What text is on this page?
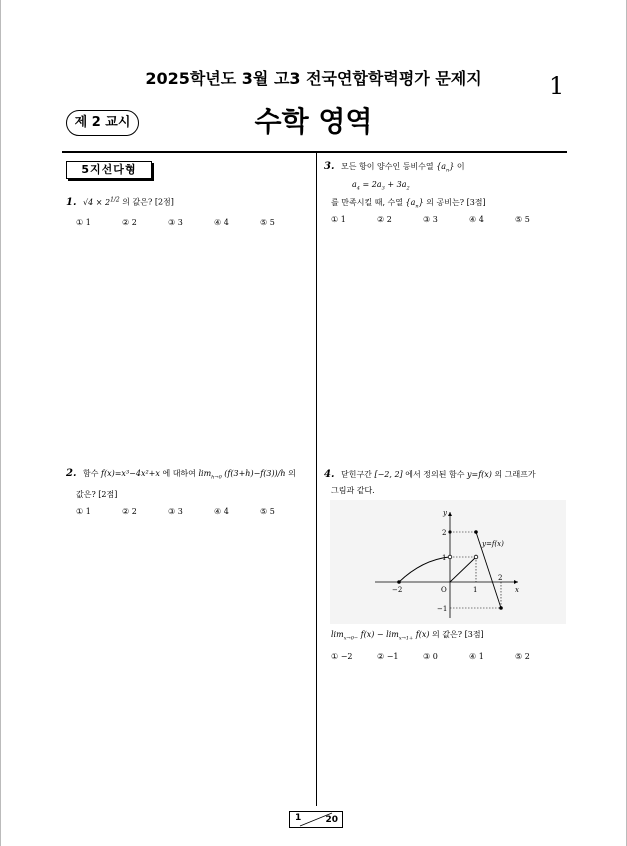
2025학년도 3월 고3 전국연합학력평가 문제지	1
제 2 교시	수학 영역
5지선다형
1. $√4 \times 2^{1/2}$ 의 값은? [2점]
① 1	② 2	③ 3	④ 4	⑤ 5
2. 함수 f(x)=x³−4x²+x 에 대하여 $\lim_{h\to 0} (f(3+h)-f(3))/h$ 의
값은? [2점]
① 1	② 2	③ 3	④ 4	⑤ 5
3. 모든 항이 양수인 등비수열 $\{a_n\}$ 이
$a_4 = 2a_3 + 3a_2$
를 만족시킬 때, 수열 $\{a_n\}$ 의 공비는? [3점]
① 1	② 2	③ 3	④ 4	⑤ 5
4. 닫힌구간 [−2, 2] 에서 정의된 함수 y=f(x) 의 그래프가
그림과 같다.
y=f(x)
y
x
O
−2	1
2
2
1
−1
$\lim_{x\to 0-} f(x) - \lim_{x\to 1+} f(x)$ 의 값은? [3점]
① −2	② −1	③ 0	④ 1	⑤ 2
1	20
